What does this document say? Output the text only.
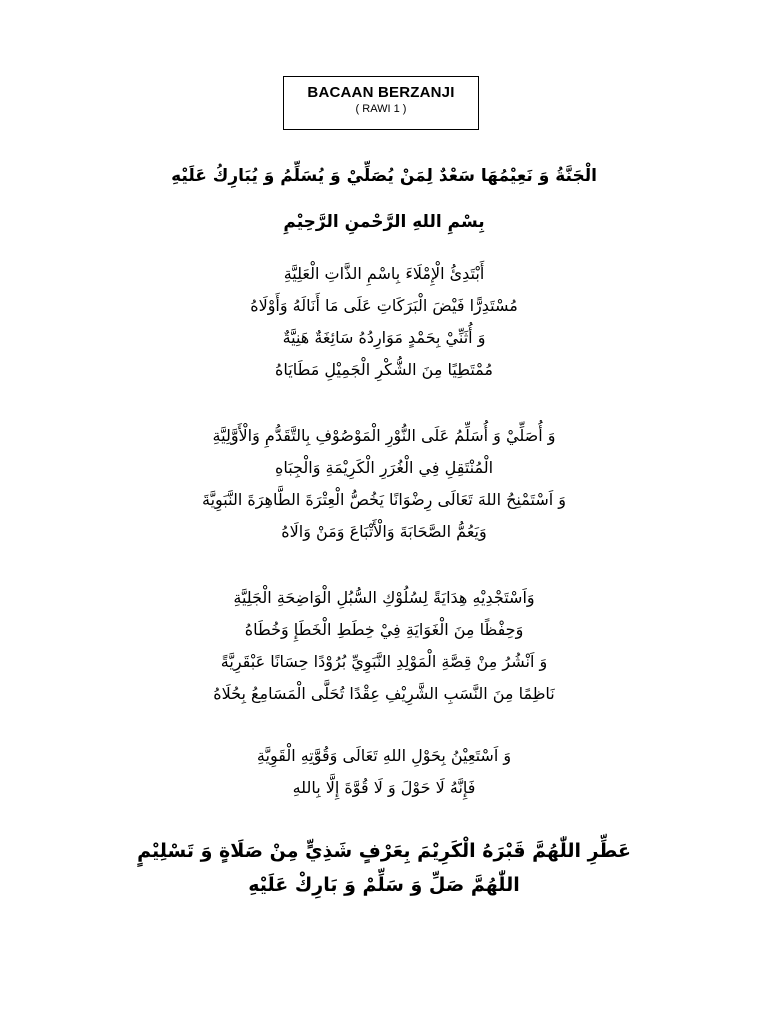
BACAAN BERZANJI
( RAWI 1 )
الْجَنَّةُ وَ نَعِيْمُهَا سَعْدٌ لِمَنْ يُصَلِّيْ وَ يُسَلِّمُ وَ يُبَارِكُ عَلَيْهِ
بِسْمِ اللهِ الرَّحْمنِ الرَّحِيْمِ
أَبْتَدِئُ الْإِمْلَاءَ بِاسْمِ الذَّاتِ الْعَلِيَّةِ
مُسْتَدِرًّا فَيْضَ الْبَرَكَاتِ عَلَى مَا أَنَالَهُ وَأَوْلَاهُ
وَ أُثَنِّيْ بِحَمْدٍ مَوَارِدُهُ سَائِغَةٌ هَنِيَّةٌ
مُمْتَطِيًا مِنَ الشُّكْرِ الْجَمِيْلِ مَطَايَاهُ
وَ أُصَلِّيْ وَ أُسَلِّمُ عَلَى النُّوْرِ الْمَوْصُوْفِ بِالتَّقَدُّمِ وَالْأَوَّلِيَّةِ
الْمُنْتَقِلِ فِي الْغُرَرِ الْكَرِيْمَةِ وَالْجِبَاهِ
وَ اَسْتَمْنِحُ اللهَ تَعَالَى رِضْوَانًا يَخُصُّ الْعِتْرَةَ الطَّاهِرَةَ النَّبَوِيَّةَ
وَيَعُمُّ الصَّحَابَةَ وَالْأَتْبَاعَ وَمَنْ وَالَاهُ
وَاَسْتَجْدِيْهِ هِدَايَةً لِسُلُوْكِ السُّبُلِ الْوَاضِحَةِ الْجَلِيَّةِ
وَحِفْظًا مِنَ الْغَوَايَةِ فِيْ خِطَطِ الْخَطَإِ وَخُطَاهُ
وَ اَنْشُرُ مِنْ قِصَّةِ الْمَوْلِدِ النَّبَوِيِّ بُرُوْدًا حِسَانًا عَبْقَرِيَّةً
نَاظِمًا مِنَ النَّسَبِ الشَّرِيْفِ عِقْدًا تُحَلَّى الْمَسَامِعُ بِحُلَاهُ
وَ اَسْتَعِيْنُ بِحَوْلِ اللهِ تَعَالَى وَقُوَّتِهِ الْقَوِيَّةِ
فَإِنَّهُ لَا حَوْلَ وَ لَا قُوَّةَ إِلَّا بِاللهِ
عَطِّرِ اللّٰهُمَّ قَبْرَهُ الْكَرِيْمَ بِعَرْفٍ شَذِيٍّ مِنْ صَلَاةٍ وَ تَسْلِيْمٍ
اللّٰهُمَّ صَلِّ وَ سَلِّمْ وَ بَارِكْ عَلَيْهِ
